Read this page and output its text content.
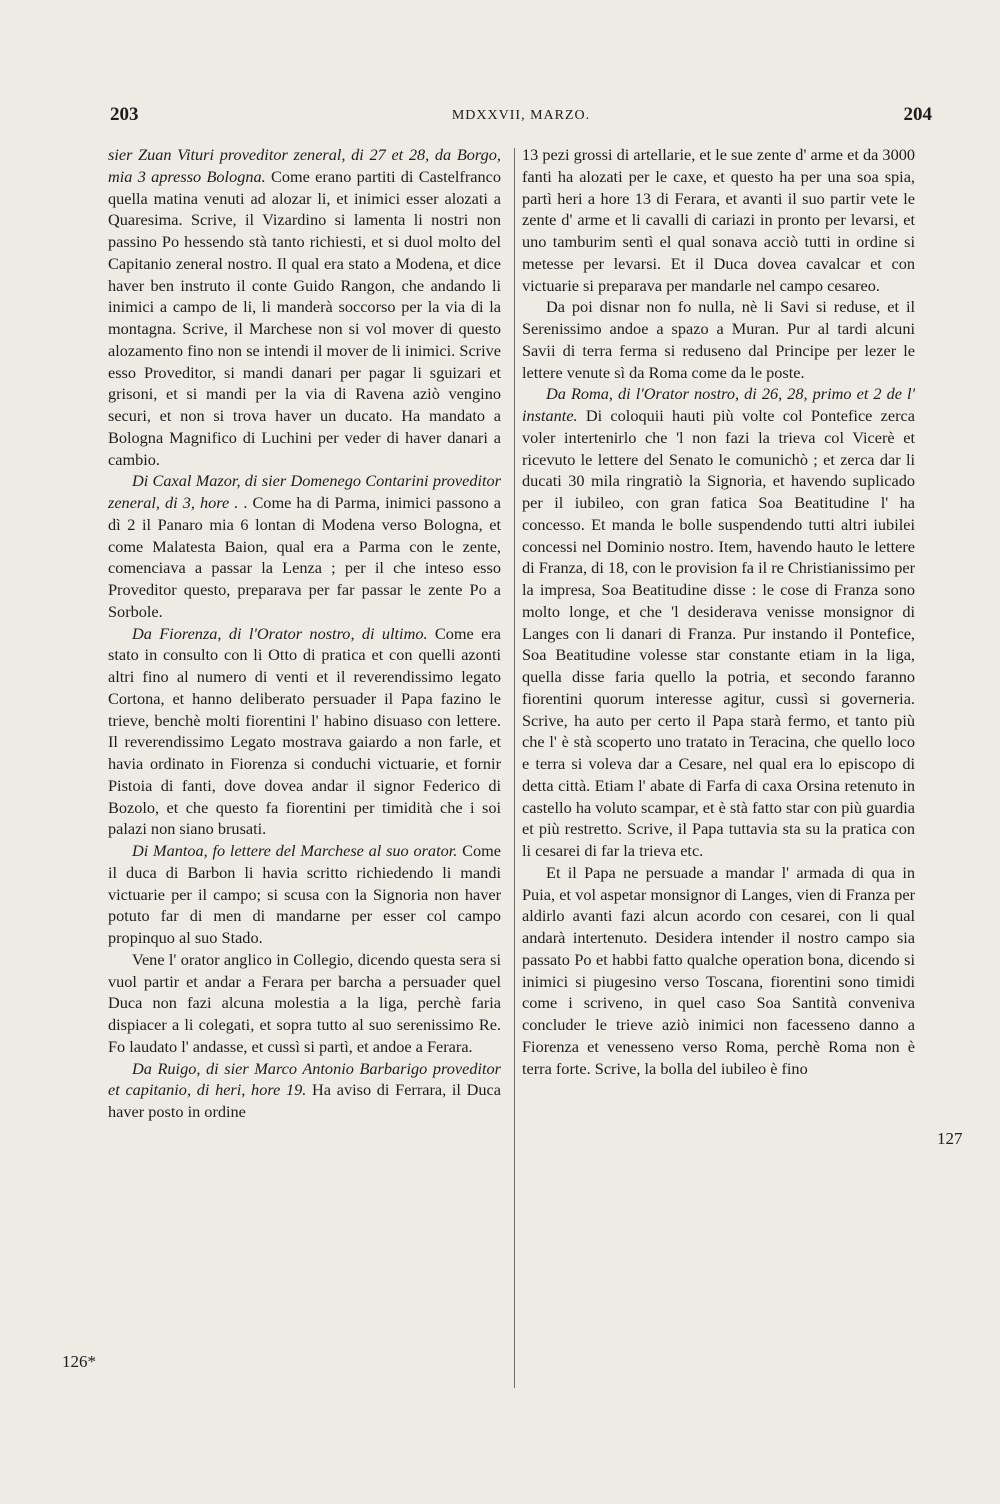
203	MDXXVII, MARZO.	204
126*
127

sier Zuan Vituri proveditor zeneral, di 27 et 28, da Borgo, mia 3 apresso Bologna. Come erano partiti di Castelfranco quella matina venuti ad alozar li, et inimici esser alozati a Quaresima. Scrive, il Vizardino si lamenta li nostri non passino Po hessendo stà tanto richiesti, et si duol molto del Capitanio zeneral nostro. Il qual era stato a Modena, et dice haver ben instruto il conte Guido Rangon, che andando li inimici a campo de li, li manderà soccorso per la via di la montagna. Scrive, il Marchese non si vol mover di questo alozamento fino non se intendi il mover de li inimici. Scrive esso Proveditor, si mandi danari per pagar li sguizari et grisoni, et si mandi per la via di Ravena aziò vengino securi, et non si trova haver un ducato. Ha mandato a Bologna Magnifico di Luchini per veder di haver danari a cambio.

Di Caxal Mazor, di sier Domenego Contarini proveditor zeneral, di 3, hore . . Come ha di Parma, inimici passono a dì 2 il Panaro mia 6 lontan di Modena verso Bologna, et come Malatesta Baion, qual era a Parma con le zente, comenciava a passar la Lenza ; per il che inteso esso Proveditor questo, preparava per far passar le zente Po a Sorbole.

Da Fiorenza, di l'Orator nostro, di ultimo. Come era stato in consulto con li Otto di pratica et con quelli azonti altri fino al numero di venti et il reverendissimo legato Cortona, et hanno deliberato persuader il Papa fazino le trieve, benchè molti fiorentini l' habino disuaso con lettere. Il reverendissimo Legato mostrava gaiardo a non farle, et havia ordinato in Fiorenza si conduchi victuarie, et fornir Pistoia di fanti, dove dovea andar il signor Federico di Bozolo, et che questo fa fiorentini per timidità che i soi palazi non siano brusati.

Di Mantoa, fo lettere del Marchese al suo orator. Come il duca di Barbon li havia scritto richiedendo li mandi victuarie per il campo; si scusa con la Signoria non haver potuto far di men di mandarne per esser col campo propinquo al suo Stado.

Vene l' orator anglico in Collegio, dicendo questa sera si vuol partir et andar a Ferara per barcha a persuader quel Duca non fazi alcuna molestia a la liga, perchè faria dispiacer a li colegati, et sopra tutto al suo serenissimo Re. Fo laudato l' andasse, et cussì si partì, et andoe a Ferara.

Da Ruigo, di sier Marco Antonio Barbarigo proveditor et capitanio, di heri, hore 19. Ha aviso di Ferrara, il Duca haver posto in ordine

13 pezi grossi di artellarie, et le sue zente d' arme et da 3000 fanti ha alozati per le caxe, et questo ha per una soa spia, partì heri a hore 13 di Ferara, et avanti il suo partir vete le zente d' arme et li cavalli di cariazi in pronto per levarsi, et uno tamburim sentì el qual sonava acciò tutti in ordine si metesse per levarsi. Et il Duca dovea cavalcar et con victuarie si preparava per mandarle nel campo cesareo.

Da poi disnar non fo nulla, nè li Savi si reduse, et il Serenissimo andoe a spazo a Muran. Pur al tardi alcuni Savii di terra ferma si reduseno dal Principe per lezer le lettere venute sì da Roma come da le poste.

Da Roma, di l'Orator nostro, di 26, 28, primo et 2 de l' instante. Di coloquii hauti più volte col Pontefice zerca voler intertenirlo che 'l non fazi la trieva col Vicerè et ricevuto le lettere del Senato le comunichò ; et zerca dar li ducati 30 mila ringratiò la Signoria, et havendo suplicado per il iubileo, con gran fatica Soa Beatitudine l' ha concesso. Et manda le bolle suspendendo tutti altri iubilei concessi nel Dominio nostro. Item, havendo hauto le lettere di Franza, di 18, con le provision fa il re Christianissimo per la impresa, Soa Beatitudine disse : le cose di Franza sono molto longe, et che 'l desiderava venisse monsignor di Langes con li danari di Franza. Pur instando il Pontefice, Soa Beatitudine volesse star constante etiam in la liga, quella disse faria quello la potria, et secondo faranno fiorentini quorum interesse agitur, cussì si governeria. Scrive, ha auto per certo il Papa starà fermo, et tanto più che l' è stà scoperto uno tratato in Teracina, che quello loco e terra si voleva dar a Cesare, nel qual era lo episcopo di detta città. Etiam l' abate di Farfa di caxa Orsina retenuto in castello ha voluto scampar, et è stà fatto star con più guardia et più restretto. Scrive, il Papa tuttavia sta su la pratica con li cesarei di far la trieva etc.

Et il Papa ne persuade a mandar l' armada di qua in Puia, et vol aspetar monsignor di Langes, vien di Franza per aldirlo avanti fazi alcun acordo con cesarei, con li qual andarà intertenuto. Desidera intender il nostro campo sia passato Po et habbi fatto qualche operation bona, dicendo si inimici si piugesino verso Toscana, fiorentini sono timidi come i scriveno, in quel caso Soa Santità conveniva concluder le trieve aziò inimici non facesseno danno a Fiorenza et venesseno verso Roma, perchè Roma non è terra forte. Scrive, la bolla del iubileo è fino
